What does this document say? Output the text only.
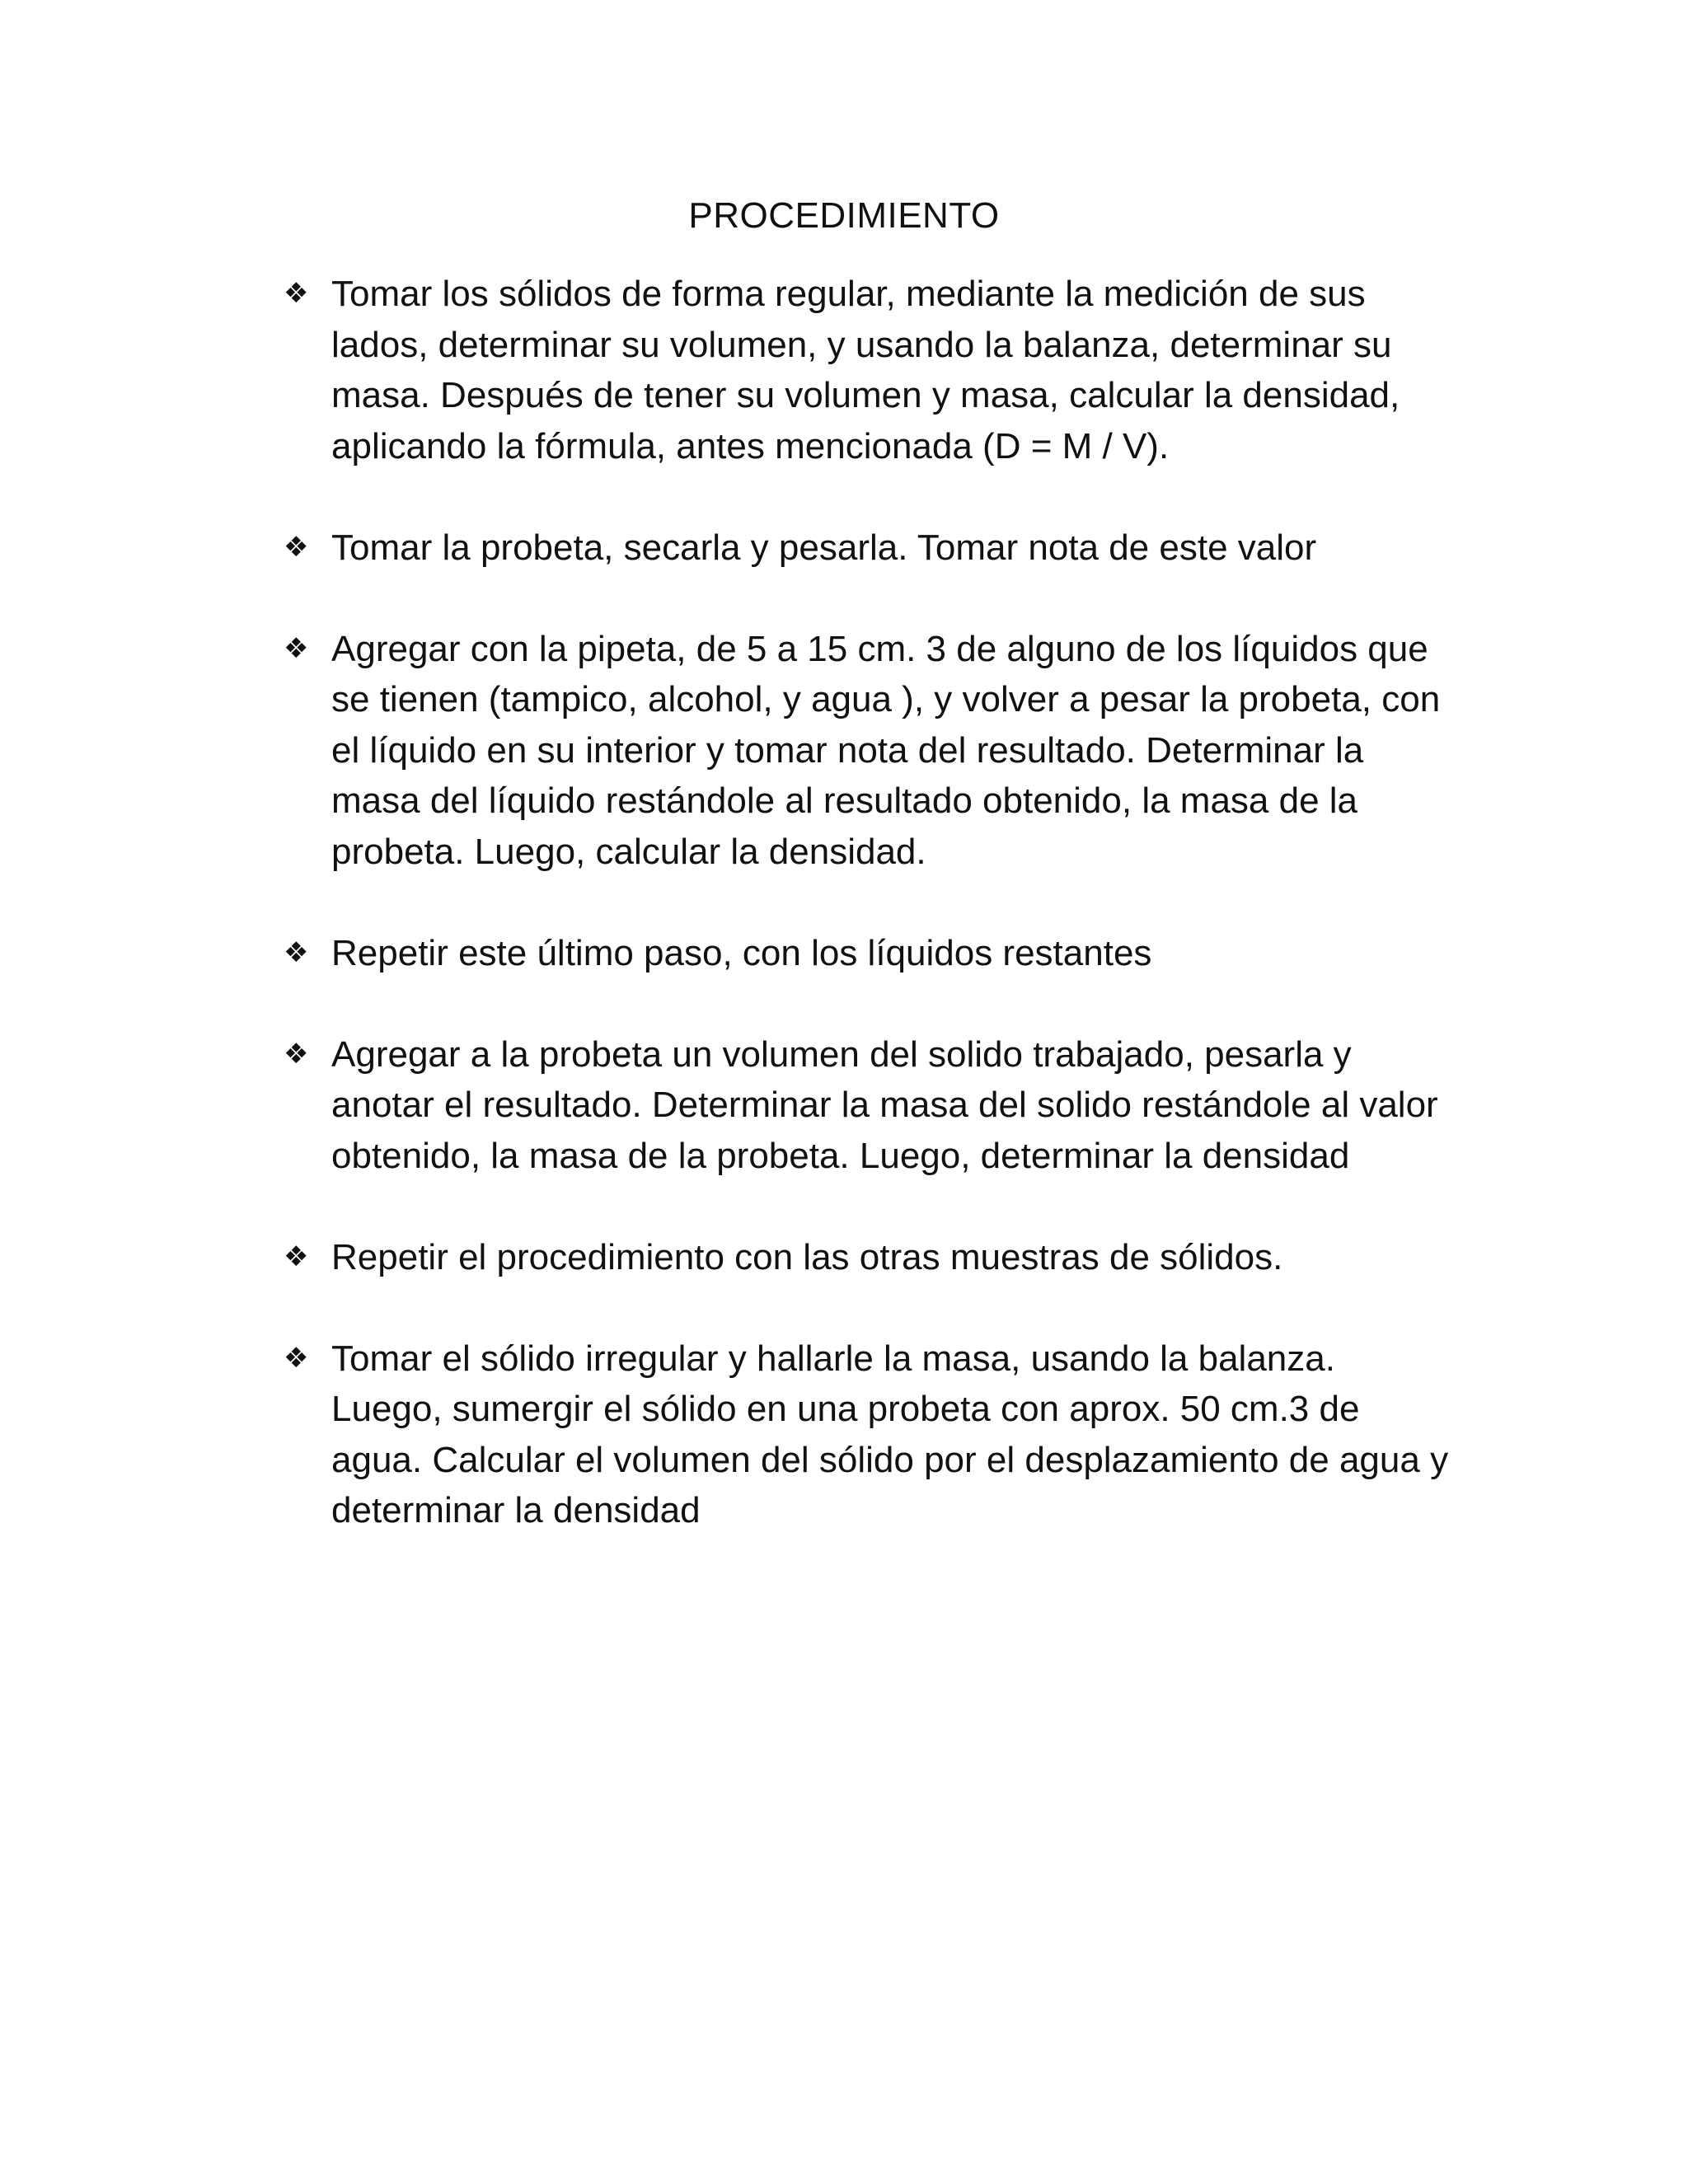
PROCEDIMIENTO
❖ Tomar los sólidos de forma regular, mediante la medición de sus lados, determinar su volumen, y usando la balanza, determinar su masa. Después de tener su volumen y masa, calcular la densidad, aplicando la fórmula, antes mencionada (D = M / V).
❖ Tomar la probeta, secarla y pesarla. Tomar nota de este valor
❖ Agregar con la pipeta, de 5 a 15 cm. 3 de alguno de los líquidos que se tienen (tampico, alcohol, y agua ), y volver a pesar la probeta, con el líquido en su interior y tomar nota del resultado. Determinar la masa del líquido restándole al resultado obtenido, la masa de la probeta. Luego, calcular la densidad.
❖ Repetir este último paso, con los líquidos restantes
❖ Agregar a la probeta un volumen del solido trabajado, pesarla y anotar el resultado. Determinar la masa del solido restándole al valor obtenido, la masa de la probeta. Luego, determinar la densidad
❖ Repetir el procedimiento con las otras muestras de sólidos.
❖ Tomar el sólido irregular y hallarle la masa, usando la balanza. Luego, sumergir el sólido en una probeta con aprox. 50 cm.3 de agua. Calcular el volumen del sólido por el desplazamiento de agua y determinar la densidad
